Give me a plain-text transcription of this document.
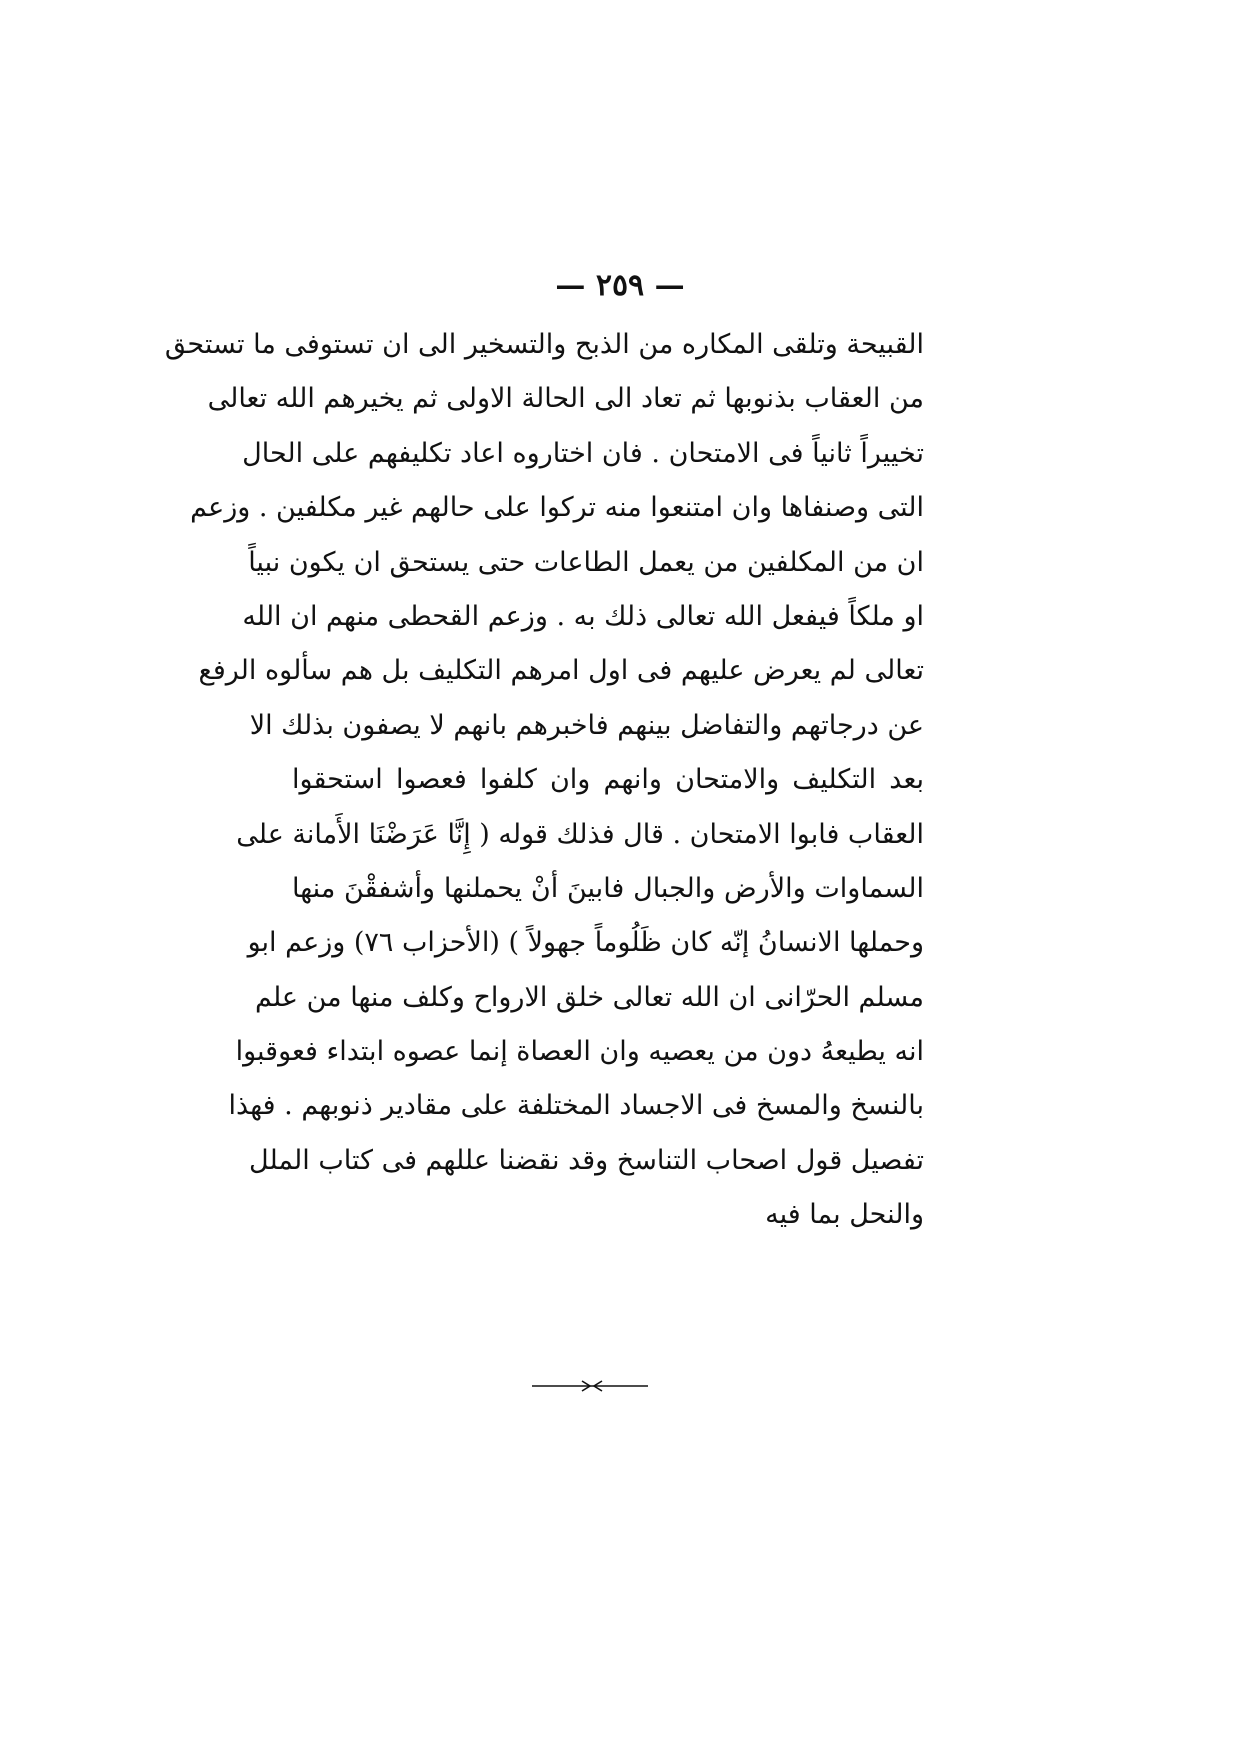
— ٢٥٩ —
القبيحة وتلقى المكاره من الذبح والتسخير الى ان تستوفى ما تستحق
من العقاب بذنوبها ثم تعاد الى الحالة الاولى ثم يخيرهم الله تعالى
تخييراً ثانياً فى الامتحان . فان اختاروه اعاد تكليفهم على الحال
التى وصنفاها وان امتنعوا منه تركوا على حالهم غير مكلفين . وزعم
ان من المكلفين من يعمل الطاعات حتى يستحق ان يكون نبياً
او ملكاً فيفعل الله تعالى ذلك به . وزعم القحطى منهم ان الله
تعالى لم يعرض عليهم فى اول امرهم التكليف بل هم سألوه الرفع
عن درجاتهم والتفاضل بينهم فاخبرهم بانهم لا يصفون بذلك الا
بعد التكليف والامتحان وانهم وان كلفوا فعصوا استحقوا
العقاب فابوا الامتحان . قال فذلك قوله ( إِنَّا عَرَضْنَا الأَمانة على
السماوات والأرض والجبال فابينَ أنْ يحملنها وأشفقْنَ منها
وحملها الانسانُ إنّه كان ظَلُوماً جهولاً ) (الأحزاب ٧٦) وزعم ابو
مسلم الحرّانى ان الله تعالى خلق الارواح وكلف منها من علم
انه يطيعهُ دون من يعصيه وان العصاة إنما عصوه ابتداء فعوقبوا
بالنسخ والمسخ فى الاجساد المختلفة على مقادير ذنوبهم . فهذا
تفصيل قول اصحاب التناسخ وقد نقضنا عللهم فى كتاب الملل
والنحل بما فيه
